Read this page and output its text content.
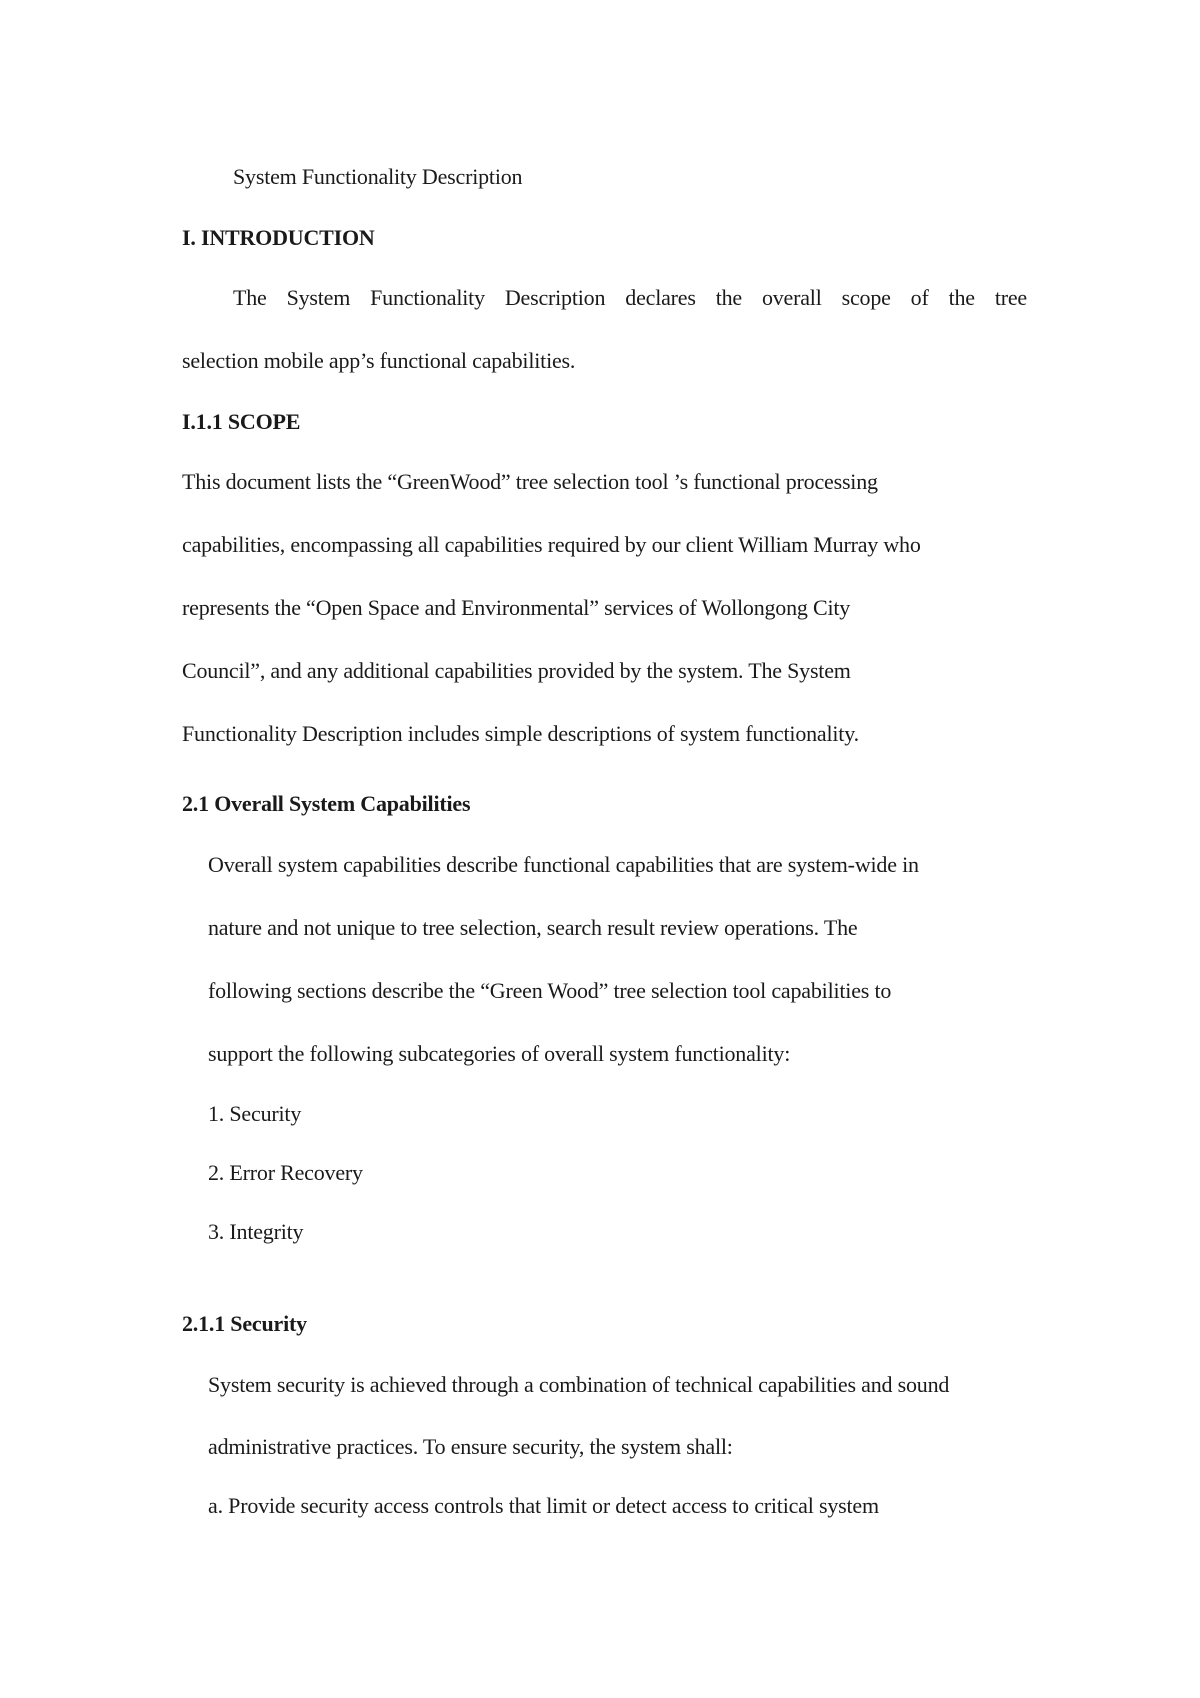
System Functionality Description
I. INTRODUCTION
The System Functionality Description declares the overall scope of the tree
selection mobile app’s functional capabilities.
I.1.1 SCOPE
This document lists the “GreenWood” tree selection tool ’s functional processing
capabilities, encompassing all capabilities required by our client William Murray who
represents the “Open Space and Environmental” services of Wollongong City
Council”, and any additional capabilities provided by the system. The System
Functionality Description includes simple descriptions of system functionality.
2.1 Overall System Capabilities
Overall system capabilities describe functional capabilities that are system-wide in
nature and not unique to tree selection, search result review operations. The
following sections describe the “Green Wood” tree selection tool capabilities to
support the following subcategories of overall system functionality:
1. Security
2. Error Recovery
3. Integrity
2.1.1 Security
System security is achieved through a combination of technical capabilities and sound
administrative practices. To ensure security, the system shall:
a. Provide security access controls that limit or detect access to critical system
